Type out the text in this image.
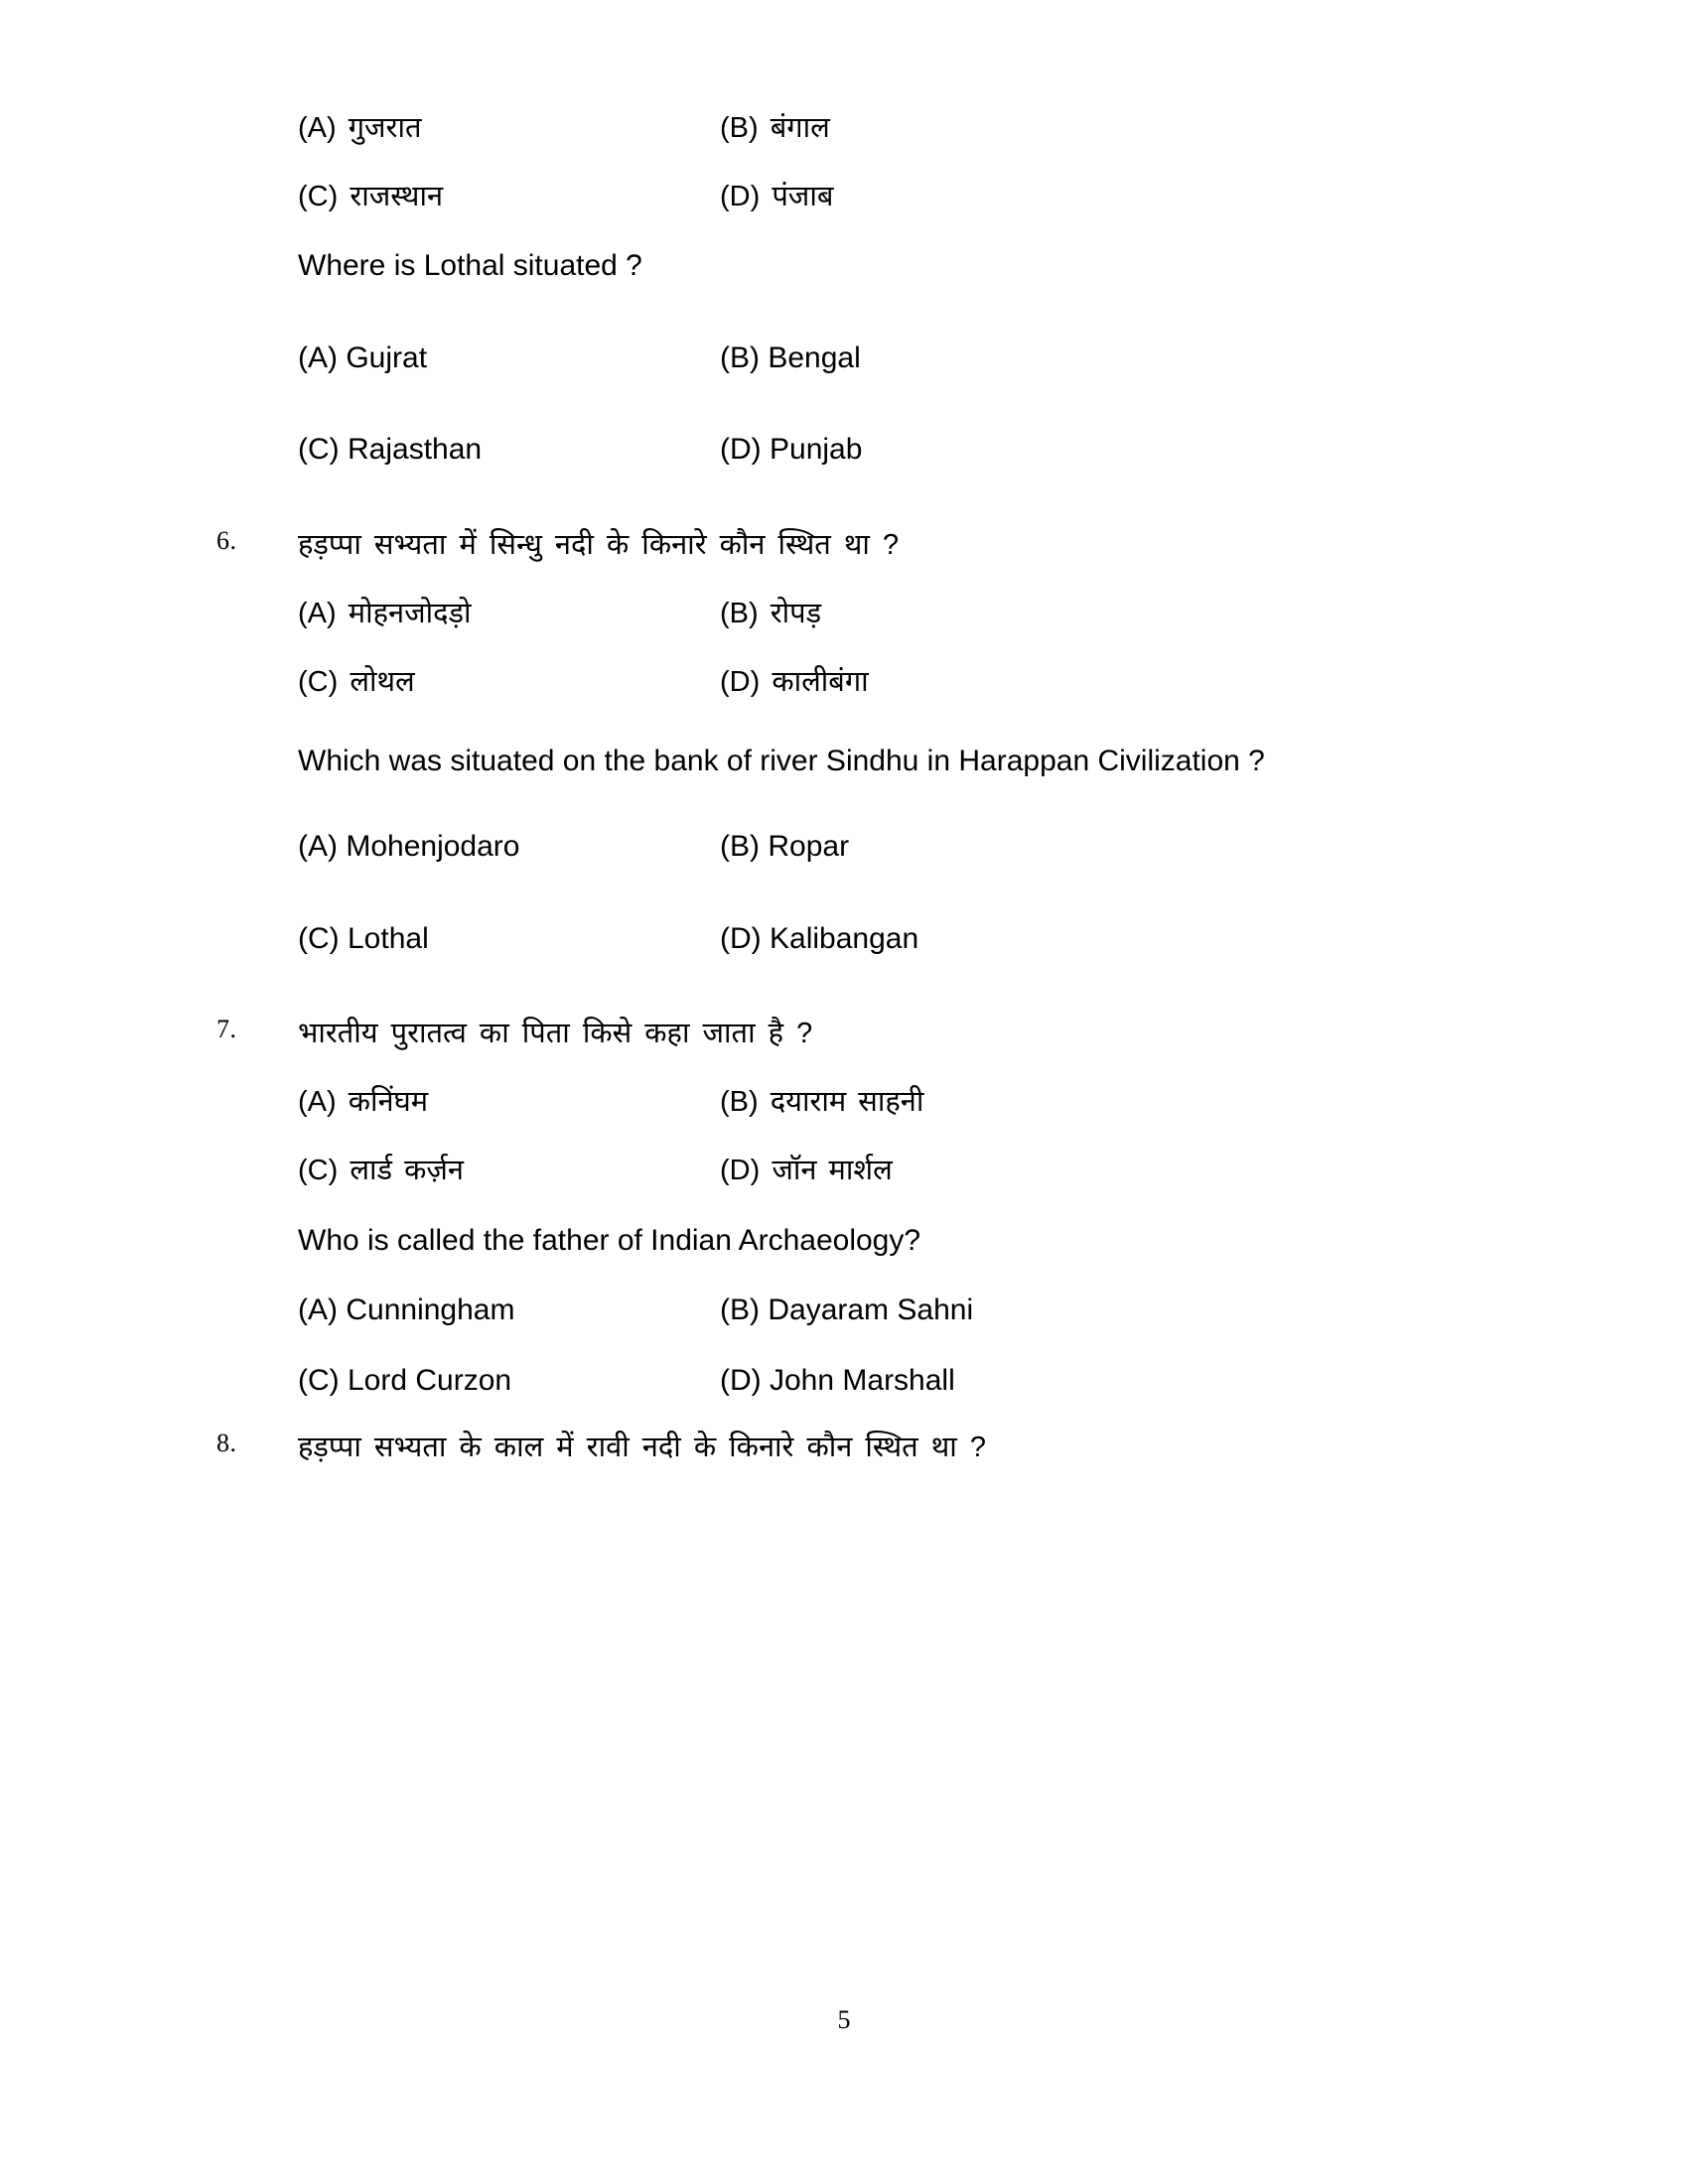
(A) गुजरात	(B) बंगाल
(C) राजस्थान	(D) पंजाब
Where is Lothal situated ?
(A) Gujrat	(B) Bengal
(C) Rajasthan	(D) Punjab
6.	हड़प्पा सभ्यता में सिन्धु नदी के किनारे कौन स्थित था ?
(A) मोहनजोदड़ो	(B) रोपड़
(C) लोथल	(D) कालीबंगा
Which was situated on the bank of river Sindhu in Harappan Civilization ?
(A) Mohenjodaro	(B) Ropar
(C) Lothal	(D) Kalibangan
7.	भारतीय पुरातत्व का पिता किसे कहा जाता है ?
(A) कनिंघम	(B) दयाराम साहनी
(C) लार्ड कर्ज़न	(D) जॉन मार्शल
Who is called the father of Indian Archaeology?
(A) Cunningham	(B) Dayaram Sahni
(C) Lord Curzon	(D) John Marshall
8.	हड़प्पा सभ्यता के काल में रावी नदी के किनारे कौन स्थित था ?
5
